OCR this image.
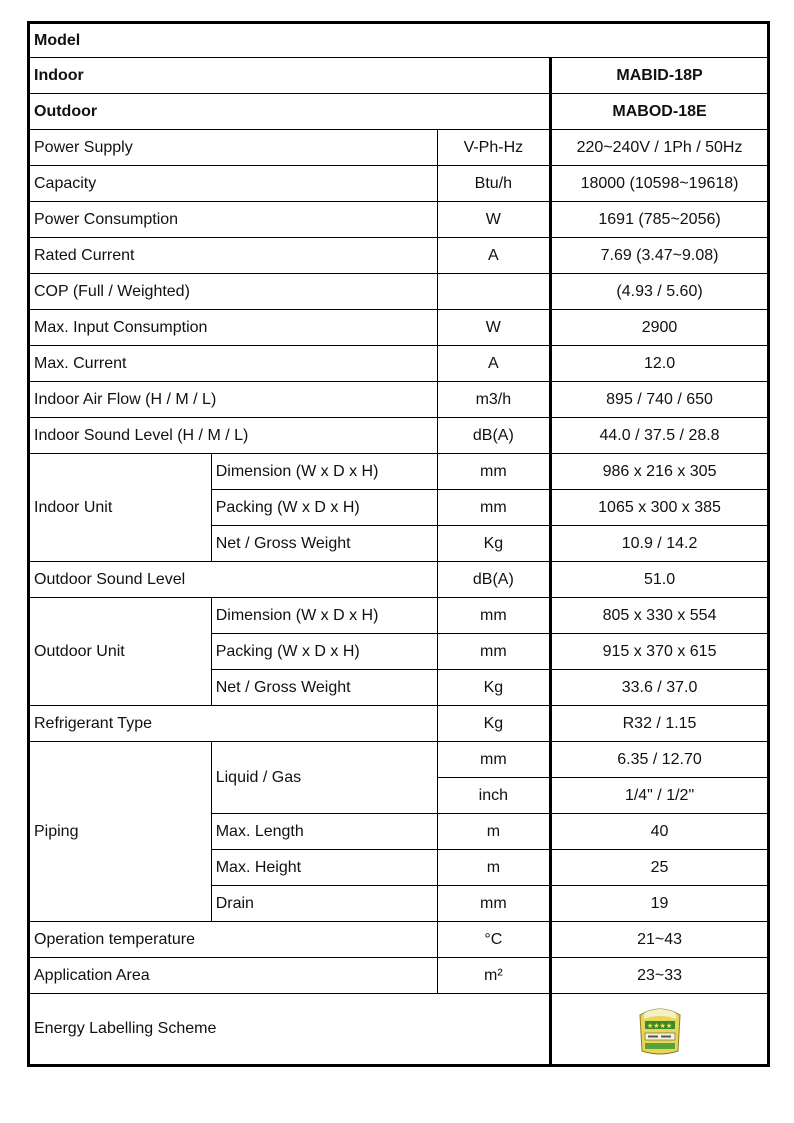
Model			
Indoor			MABID-18P
Outdoor			MABOD-18E
Power Supply		V-Ph-Hz	220~240V / 1Ph / 50Hz
Capacity		Btu/h	18000 (10598~19618)
Power Consumption		W	1691 (785~2056)
Rated Current		A	7.69 (3.47~9.08)
COP (Full / Weighted)			(4.93 / 5.60)
Max. Input Consumption		W	2900
Max. Current		A	12.0
Indoor Air Flow (H / M / L)		m3/h	895 / 740 / 650
Indoor Sound Level (H / M / L)		dB(A)	44.0 / 37.5 / 28.8
Indoor Unit	Dimension (W x D x H)	mm	986 x 216 x 305
	Packing (W x D x H)	mm	1065 x 300 x 385
	Net / Gross Weight	Kg	10.9 / 14.2
Outdoor Sound Level		dB(A)	51.0
Outdoor Unit	Dimension (W x D x H)	mm	805 x 330 x 554
	Packing (W x D x H)	mm	915 x 370 x 615
	Net / Gross Weight	Kg	33.6 / 37.0
Refrigerant Type		Kg	R32 / 1.15
Piping	Liquid / Gas	mm	6.35 / 12.70
		inch	1/4" / 1/2"
	Max. Length	m	40
	Max. Height	m	25
	Drain	mm	19
Operation temperature		°C	21~43
Application Area		m²	23~33
Energy Labelling Scheme			★★★★
